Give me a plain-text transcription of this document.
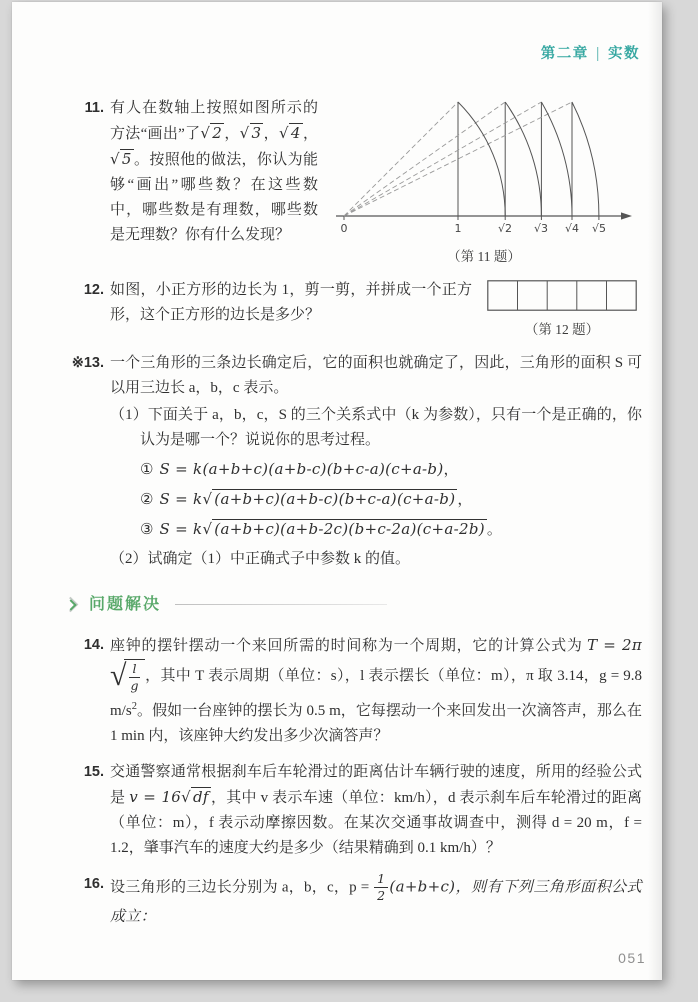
第二章 | 实数
11. 有人在数轴上按照如图所示的方法“画出”了 √ 2 ， √ 3 ， √ 4 ，√ 5 。按照他的做法，你认为能够“画出”哪些数？在这些数中，哪些数是有理数，哪些数是无理数？你有什么发现？	0	1	√2 √3 √4 √5
（第 11 题）
12.
（第 12 题）
如图，小正方形的边长为 1，剪一剪，并拼成一个正方形，这个正方形的边长是多少？
※13. 一个三角形的三条边长确定后，它的面积也就确定了，因此，三角形的面积 S 可以用三边长 a，b，c 表示。
（1）下面关于 a，b，c，S 的三个关系式中（k 为参数），只有一个是正确的，你认为是哪一个？说说你的思考过程。
① S = k(a+b+c)(a+b-c)(b+c-a)(c+a-b)，
② S = k √ (a+b+c)(a+b-c)(b+c-a)(c+a-b) ，
③ S = k √ (a+b+c)(a+b-2c)(b+c-2a)(c+a-2b) 。
（2）试确定（1）中正确式子中参数 k 的值。
问题解决
14. 座钟的摆针摆动一个来回所需的时间称为一个周期，它的计算公式为 T = 2π
√ $\frac{l}{g}$ ，其中 T 表示周期（单位：s），l 表示摆长（单位：m），π 取 3.14，g = 9.8 $m/s^2$。假如一台座钟的摆长为 0.5 m，它每摆动一个来回发出一次滴答声，那么在 1 min 内，该座钟大约发出多少次滴答声？
15. 交通警察通常根据刹车后车轮滑过的距离估计车辆行驶的速度，所用的经验公式是 v = 16 √ df ，其中 v 表示车速（单位：km/h），d 表示刹车后车轮滑过的距离（单位：m），f 表示动摩擦因数。在某次交通事故调查中，测得 d = 20 m，f = 1.2，肇事汽车的速度大约是多少（结果精确到 0.1 km/h）？
16. 设三角形的三边长分别为 a，b，c，$p = \frac{1}{2} (a+b+c)$，则有下列三角形面积公式成立：
051
